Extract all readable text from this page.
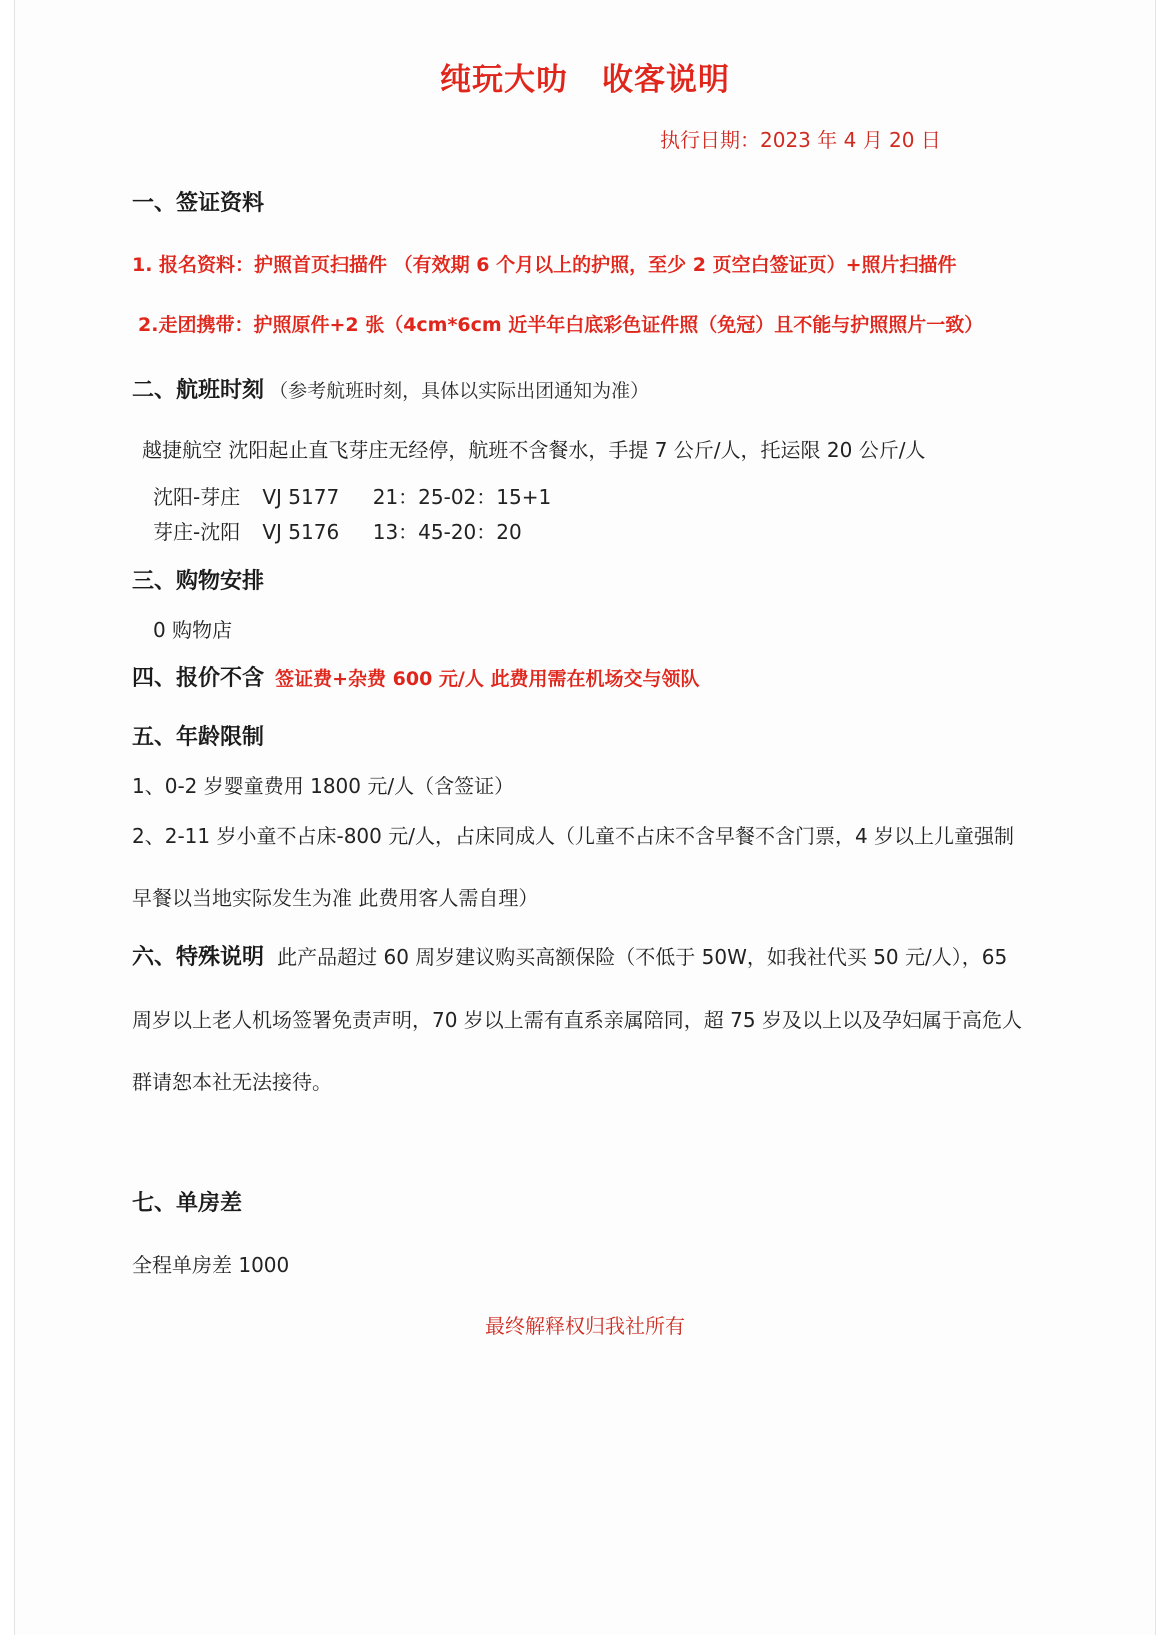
纯玩大叻 收客说明
执行日期：2023 年 4 月 20 日
一、签证资料
1. 报名资料：护照首页扫描件 （有效期 6 个月以上的护照，至少 2 页空白签证页）+照片扫描件
2.走团携带：护照原件+2 张（4cm*6cm 近半年白底彩色证件照（免冠）且不能与护照照片一致）
二、航班时刻 （参考航班时刻，具体以实际出团通知为准）
越捷航空 沈阳起止直飞芽庄无经停，航班不含餐水，手提 7 公斤/人，托运限 20 公斤/人
沈阳-芽庄 VJ 5177 21：25-02：15+1
芽庄-沈阳 VJ 5176 13：45-20：20
三、购物安排
0 购物店
四、报价不含 签证费+杂费 600 元/人 此费用需在机场交与领队
五、年龄限制
1、0-2 岁婴童费用 1800 元/人（含签证）
2、2-11 岁小童不占床-800 元/人，占床同成人（儿童不占床不含早餐不含门票，4 岁以上儿童强制
早餐以当地实际发生为准 此费用客人需自理）
六、特殊说明 此产品超过 60 周岁建议购买高额保险（不低于 50W，如我社代买 50 元/人），65
周岁以上老人机场签署免责声明，70 岁以上需有直系亲属陪同，超 75 岁及以上以及孕妇属于高危人
群请恕本社无法接待。
七、单房差
全程单房差 1000
最终解释权归我社所有
